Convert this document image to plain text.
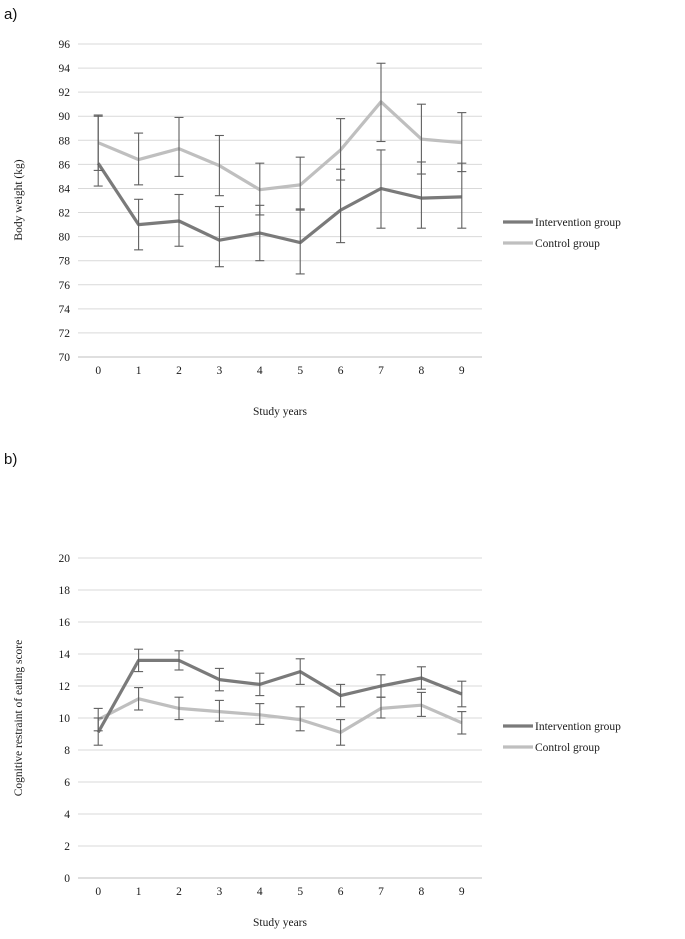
a)
70
72
74
76
78
80
82
84
86
88
90
92
94
96
0	1	2	3	4	5	6	7	8	9
Study years
Body weight (kg)	Intervention group
Control group
b)
0
2
4
6
8
10
12
14
16
18
20
0	1	2	3	4	5	6	7	8	9
Study years
Cognitive restraint of eating score	Intervention group
Control group
